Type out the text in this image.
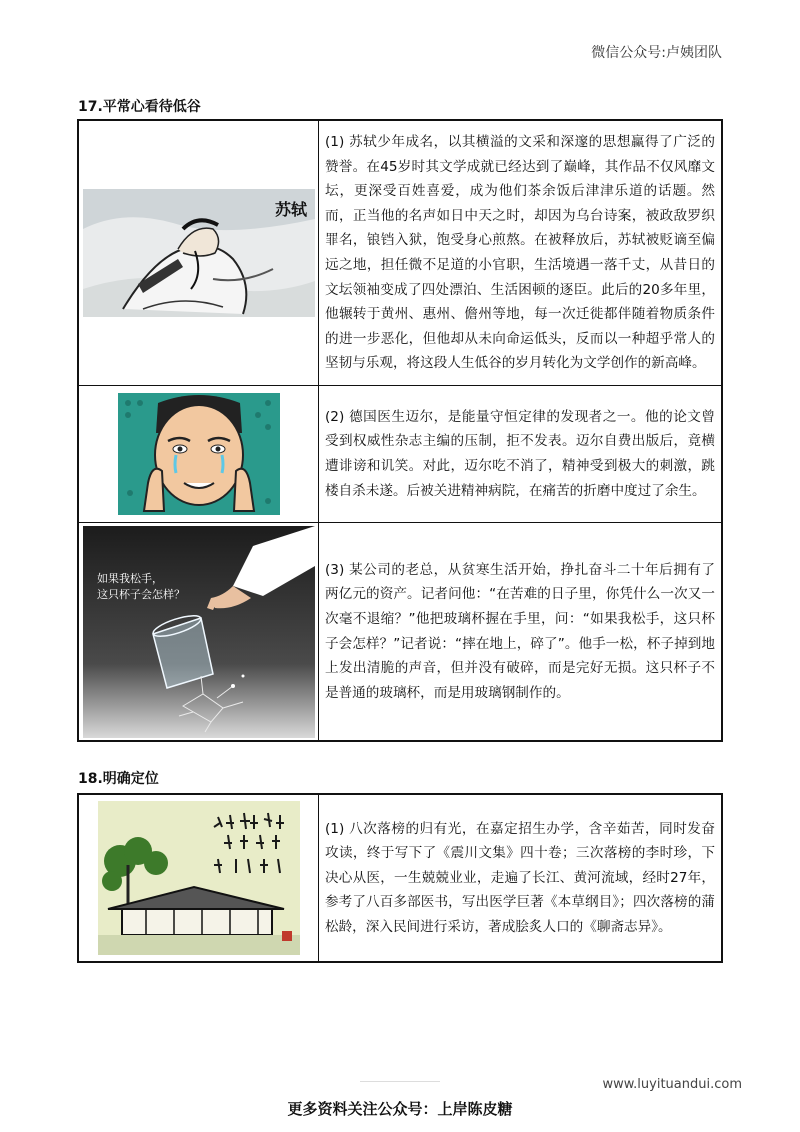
微信公众号:卢姨团队
17.平常心看待低谷
苏轼

(1) 苏轼少年成名，以其横溢的文采和深邃的思想赢得了广泛的赞誉。在45岁时其文学成就已经达到了巅峰，其作品不仅风靡文坛，更深受百姓喜爱，成为他们茶余饭后津津乐道的话题。然而，正当他的名声如日中天之时，却因为乌台诗案，被政敌罗织罪名，锒铛入狱，饱受身心煎熬。在被释放后，苏轼被贬谪至偏远之地，担任微不足道的小官职，生活境遇一落千丈，从昔日的文坛领袖变成了四处漂泊、生活困顿的逐臣。此后的20多年里，他辗转于黄州、惠州、儋州等地，每一次迁徙都伴随着物质条件的进一步恶化，但他却从未向命运低头，反而以一种超乎常人的坚韧与乐观，将这段人生低谷的岁月转化为文学创作的新高峰。

(2) 德国医生迈尔，是能量守恒定律的发现者之一。他的论文曾受到权威性杂志主编的压制，拒不发表。迈尔自费出版后，竟横遭诽谤和讥笑。对此，迈尔吃不消了，精神受到极大的刺激，跳楼自杀未遂。后被关进精神病院，在痛苦的折磨中度过了余生。

如果我松手，
这只杯子会怎样？

(3) 某公司的老总，从贫寒生活开始，挣扎奋斗二十年后拥有了两亿元的资产。记者问他：“在苦难的日子里，你凭什么一次又一次毫不退缩？”他把玻璃杯握在手里，问：“如果我松手，这只杯子会怎样？”记者说：“摔在地上，碎了”。他手一松，杯子掉到地上发出清脆的声音，但并没有破碎，而是完好无损。这只杯子不是普通的玻璃杯，而是用玻璃钢制作的。

18.明确定位

(1) 八次落榜的归有光，在嘉定招生办学，含辛茹苦，同时发奋攻读，终于写下了《震川文集》四十卷；三次落榜的李时珍，下决心从医，一生兢兢业业，走遍了长江、黄河流域，经时27年，参考了八百多部医书，写出医学巨著《本草纲目》；四次落榜的蒲松龄，深入民间进行采访，著成脍炙人口的《聊斋志异》。

www.luyituandui.com
更多资料关注公众号：上岸陈皮糖
